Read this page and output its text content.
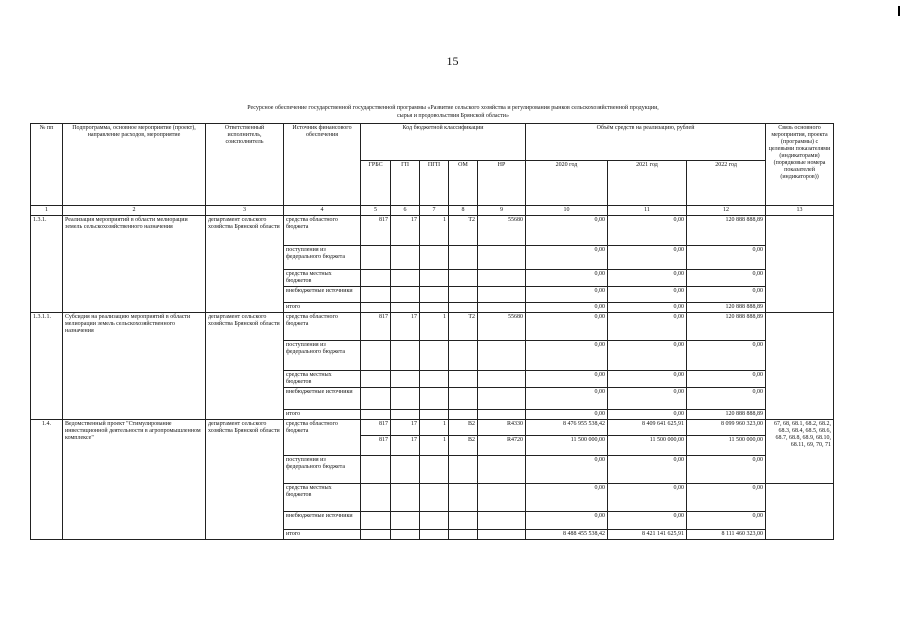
15
Ресурсное обеспечение государственной государственной программы «Развитие сельского хозяйства и регулирования рынков сельскохозяйственной продукции,
сырья и продовольствия Брянской области»
№ пп	Подпрограмма, основное мероприятие (проект), направление расходов, мероприятие	Ответственный исполнитель, соисполнитель	Источник финансового обеспечения	Код бюджетной классификации					Объём средств на реализацию, рублей			Связь основного мероприятия, проекта (программы) с целевыми показателями (индикаторами) (порядковые номера показателей (индикаторов))
				ГРБС	ГП	ПГП	ОМ	НР	2020 год	2021 год	2022 год	
1	2	3	4	5	6	7	8	9	10	11	12	13
1.3.1.	Реализация мероприятий в области мелиорации земель сельскохозяйственного назначения	департамент сельского хозяйства Брянской области	средства областного бюджета	817	17	1	Т2	55680	0,00	0,00	120 888 888,89	
			поступления из федерального бюджета						0,00	0,00	0,00	
			средства местных бюджетов						0,00	0,00	0,00	
			внебюджетные источники						0,00	0,00	0,00	
			итого						0,00	0,00	120 888 888,89	
1.3.1.1.	Субсидия на реализацию мероприятий в области мелиорации земель сельскохозяйственного назначения	департамент сельского хозяйства Брянской области	средства областного бюджета	817	17	1	Т2	55680	0,00	0,00	120 888 888,89	
			поступления из федерального бюджета						0,00	0,00	0,00	
			средства местных бюджетов						0,00	0,00	0,00	
			внебюджетные источники						0,00	0,00	0,00	
			итого						0,00	0,00	120 888 888,89	
1.4.	Ведомственный проект "Стимулирование инвестиционной деятельности в агропромышленном комплексе"	департамент сельского хозяйства Брянской области	средства областного бюджета	817	17	1	В2	R4330	8 476 955 538,42	8 409 641 625,91	8 099 960 323,00	67, 68, 68.1, 68.2, 68.2, 68.3, 68.4, 68.5, 68.6, 68.7, 68.8, 68.9, 68.10, 68.11, 69, 70, 71
				817	17	1	В2	R4720	11 500 000,00	11 500 000,00	11 500 000,00	
			поступления из федерального бюджета						0,00	0,00	0,00	
			средства местных бюджетов						0,00	0,00	0,00	
			внебюджетные источники						0,00	0,00	0,00	
			итого						8 488 455 538,42	8 421 141 625,91	8 111 460 323,00	
